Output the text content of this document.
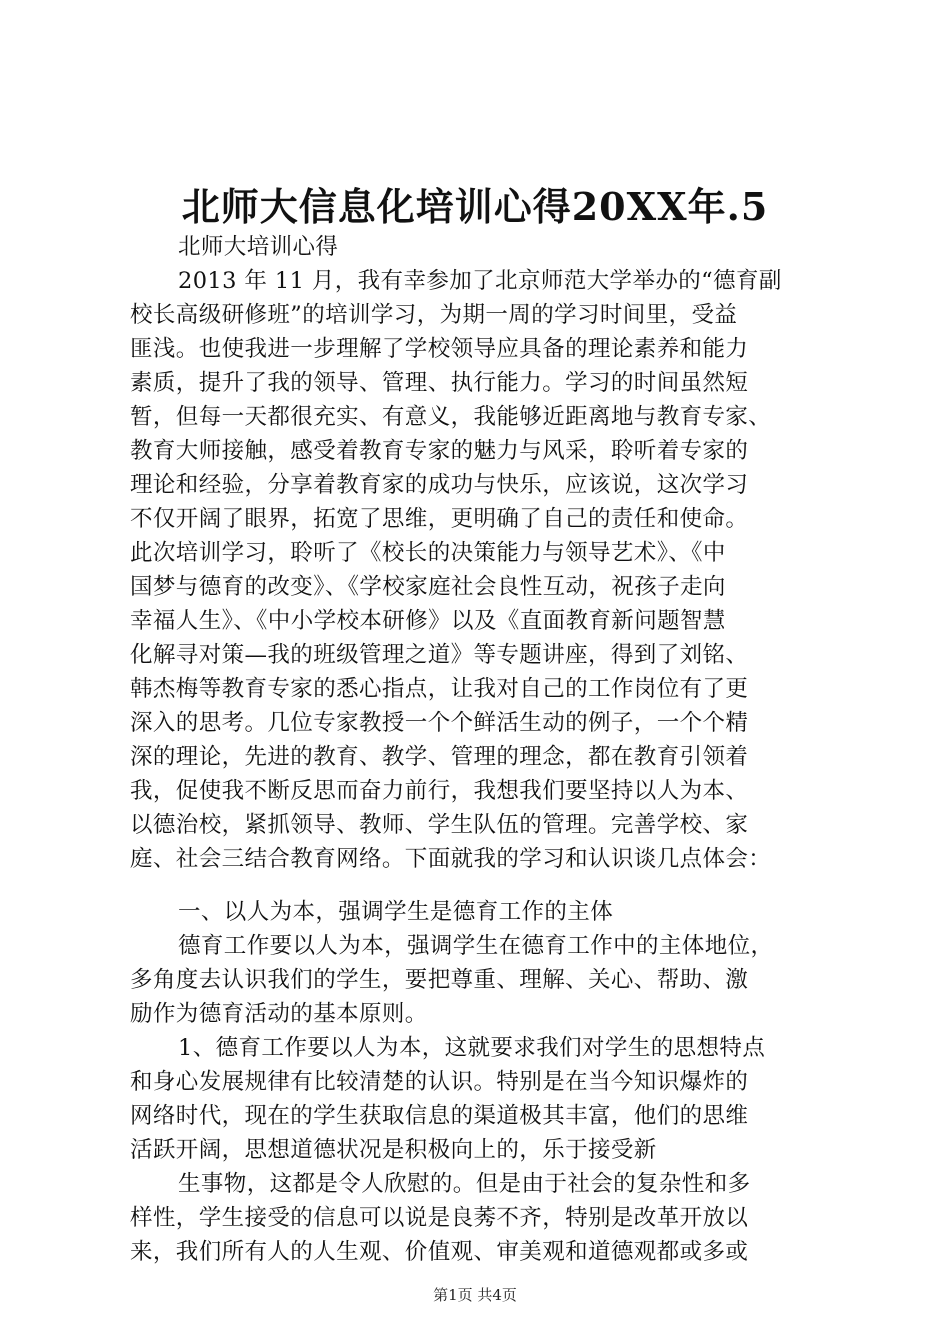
北师大信息化培训心得20XX年.5
北师大培训心得
2013 年 11 月，我有幸参加了北京师范大学举办的“德育副
校长高级研修班”的培训学习，为期一周的学习时间里，受益
匪浅。也使我进一步理解了学校领导应具备的理论素养和能力
素质，提升了我的领导、管理、执行能力。学习的时间虽然短
暂，但每一天都很充实、有意义，我能够近距离地与教育专家、
教育大师接触，感受着教育专家的魅力与风采，聆听着专家的
理论和经验，分享着教育家的成功与快乐，应该说，这次学习
不仅开阔了眼界，拓宽了思维，更明确了自己的责任和使命。
此次培训学习，聆听了《校长的决策能力与领导艺术》、《中
国梦与德育的改变》、《学校家庭社会良性互动，祝孩子走向
幸福人生》、《中小学校本研修》以及《直面教育新问题智慧
化解寻对策—我的班级管理之道》等专题讲座，得到了刘铭、
韩杰梅等教育专家的悉心指点，让我对自己的工作岗位有了更
深入的思考。几位专家教授一个个鲜活生动的例子，一个个精
深的理论，先进的教育、教学、管理的理念，都在教育引领着
我，促使我不断反思而奋力前行，我想我们要坚持以人为本、
以德治校，紧抓领导、教师、学生队伍的管理。完善学校、家
庭、社会三结合教育网络。下面就我的学习和认识谈几点体会：
一、以人为本，强调学生是德育工作的主体
德育工作要以人为本，强调学生在德育工作中的主体地位，
多角度去认识我们的学生，要把尊重、理解、关心、帮助、激
励作为德育活动的基本原则。
1、德育工作要以人为本，这就要求我们对学生的思想特点
和身心发展规律有比较清楚的认识。特别是在当今知识爆炸的
网络时代，现在的学生获取信息的渠道极其丰富，他们的思维
活跃开阔，思想道德状况是积极向上的，乐于接受新
生事物，这都是令人欣慰的。但是由于社会的复杂性和多
样性，学生接受的信息可以说是良莠不齐，特别是改革开放以
来，我们所有人的人生观、价值观、审美观和道德观都或多或
第1页 共4页
